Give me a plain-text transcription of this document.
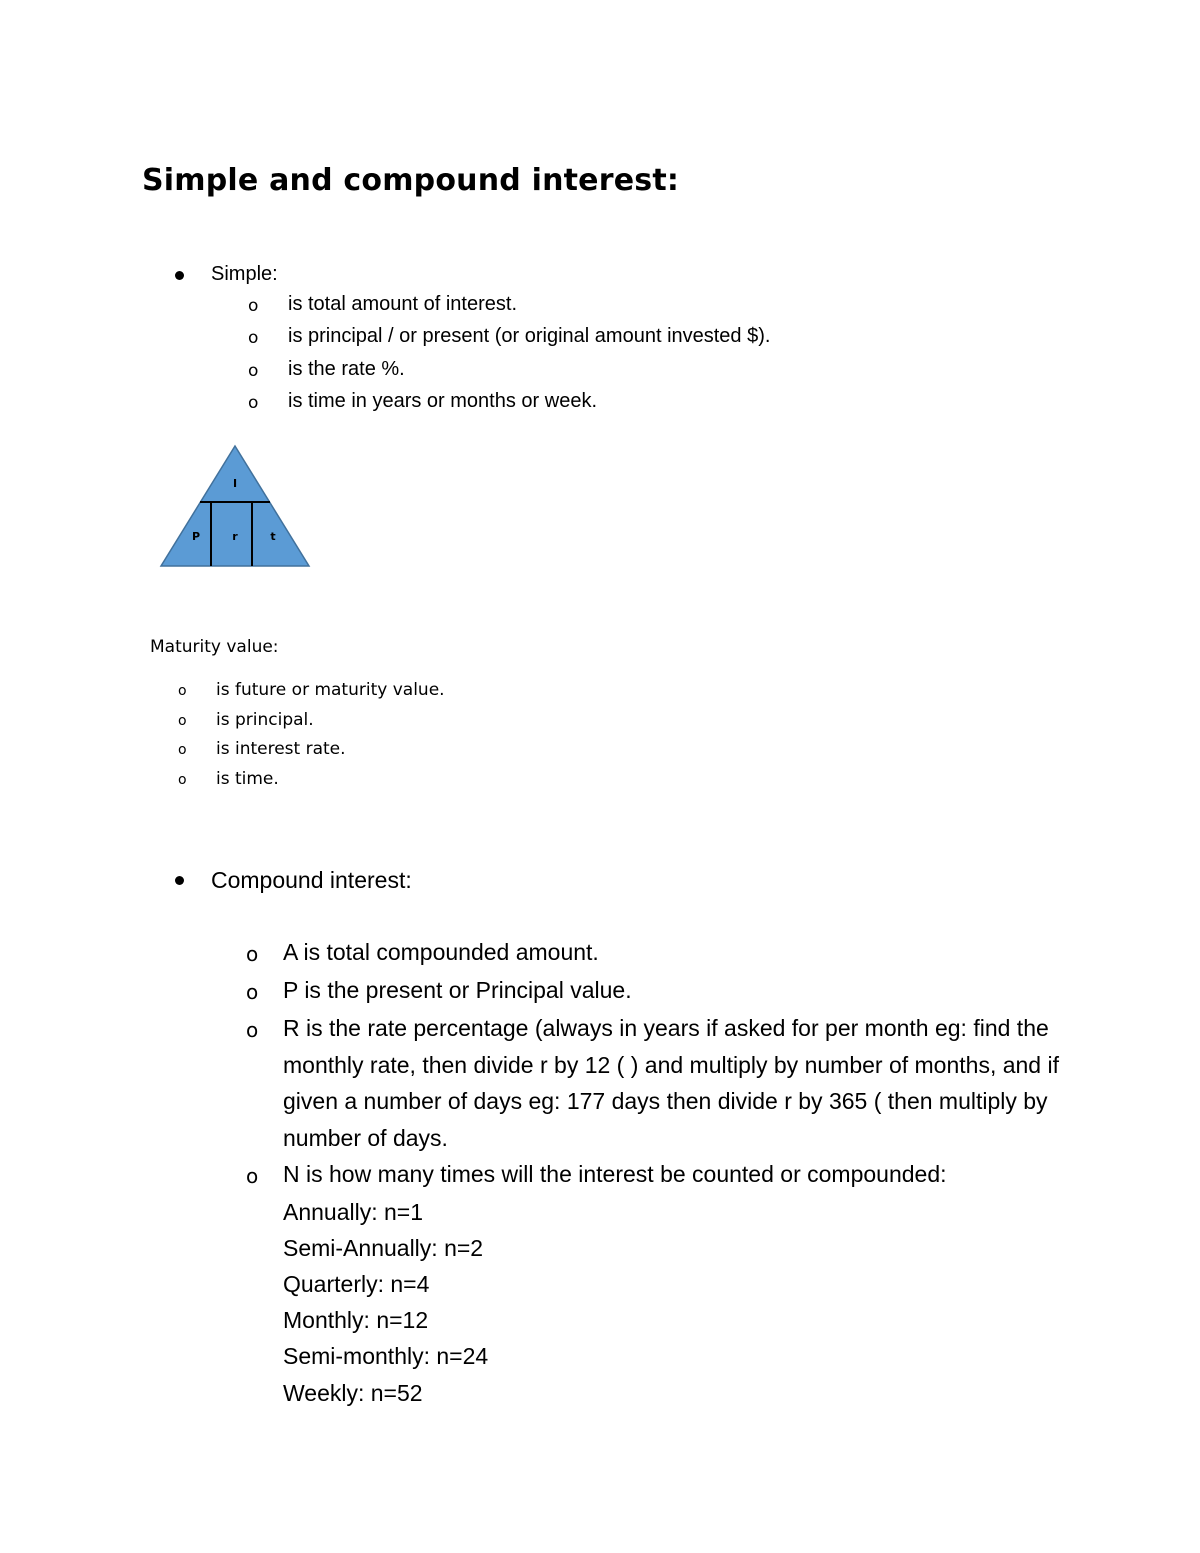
Simple and compound interest:
Simple:
o is total amount of interest.
o is principal / or present (or original amount invested $).
o is the rate %.
o is time in years or months or week.
I
P	r	t
Maturity value:
o is future or maturity value.
o is principal.
o is interest rate.
o is time.
Compound interest:
o A is total compounded amount.
o P is the present or Principal value.
o R is the rate percentage (always in years if asked for per month eg: find the monthly rate, then divide r by 12 ( ) and multiply by number of months, and if given a number of days eg: 177 days then divide r by 365 ( then multiply by number of days.
o N is how many times will the interest be counted or compounded:
Annually: n=1
Semi-Annually: n=2
Quarterly: n=4
Monthly: n=12
Semi-monthly: n=24
Weekly: n=52
